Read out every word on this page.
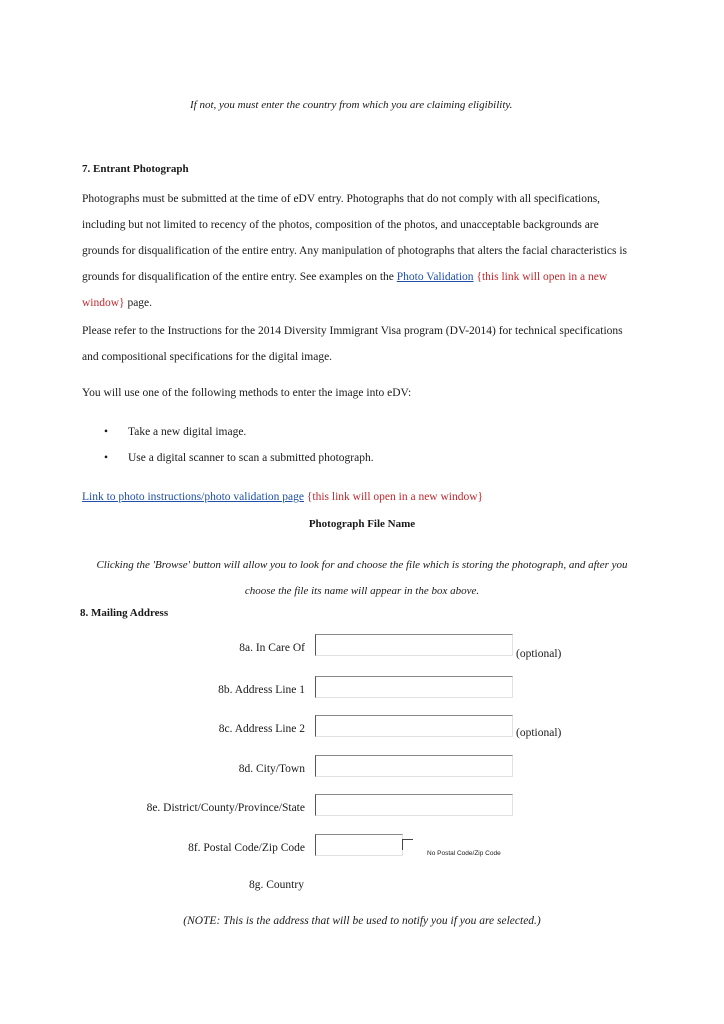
If not, you must enter the country from which you are claiming eligibility.
7. Entrant Photograph
Photographs must be submitted at the time of eDV entry. Photographs that do not comply with all specifications,
including but not limited to recency of the photos, composition of the photos, and unacceptable backgrounds are
grounds for disqualification of the entire entry. Any manipulation of photographs that alters the facial characteristics is
grounds for disqualification of the entire entry. See examples on the Photo Validation {this link will open in a new
window} page.
Please refer to the Instructions for the 2014 Diversity Immigrant Visa program (DV-2014) for technical specifications
and compositional specifications for the digital image.
You will use one of the following methods to enter the image into eDV:
• Take a new digital image.
• Use a digital scanner to scan a submitted photograph.
Link to photo instructions/photo validation page {this link will open in a new window}
Photograph File Name
Clicking the 'Browse' button will allow you to look for and choose the file which is storing the photograph, and after you
choose the file its name will appear in the box above.
8. Mailing Address
8a. In Care Of	(optional)
8b. Address Line 1
8c. Address Line 2	(optional)
8d. City/Town
8e. District/County/Province/State
8f. Postal Code/Zip Code	No Postal Code/Zip Code
8g. Country
(NOTE: This is the address that will be used to notify you if you are selected.)
